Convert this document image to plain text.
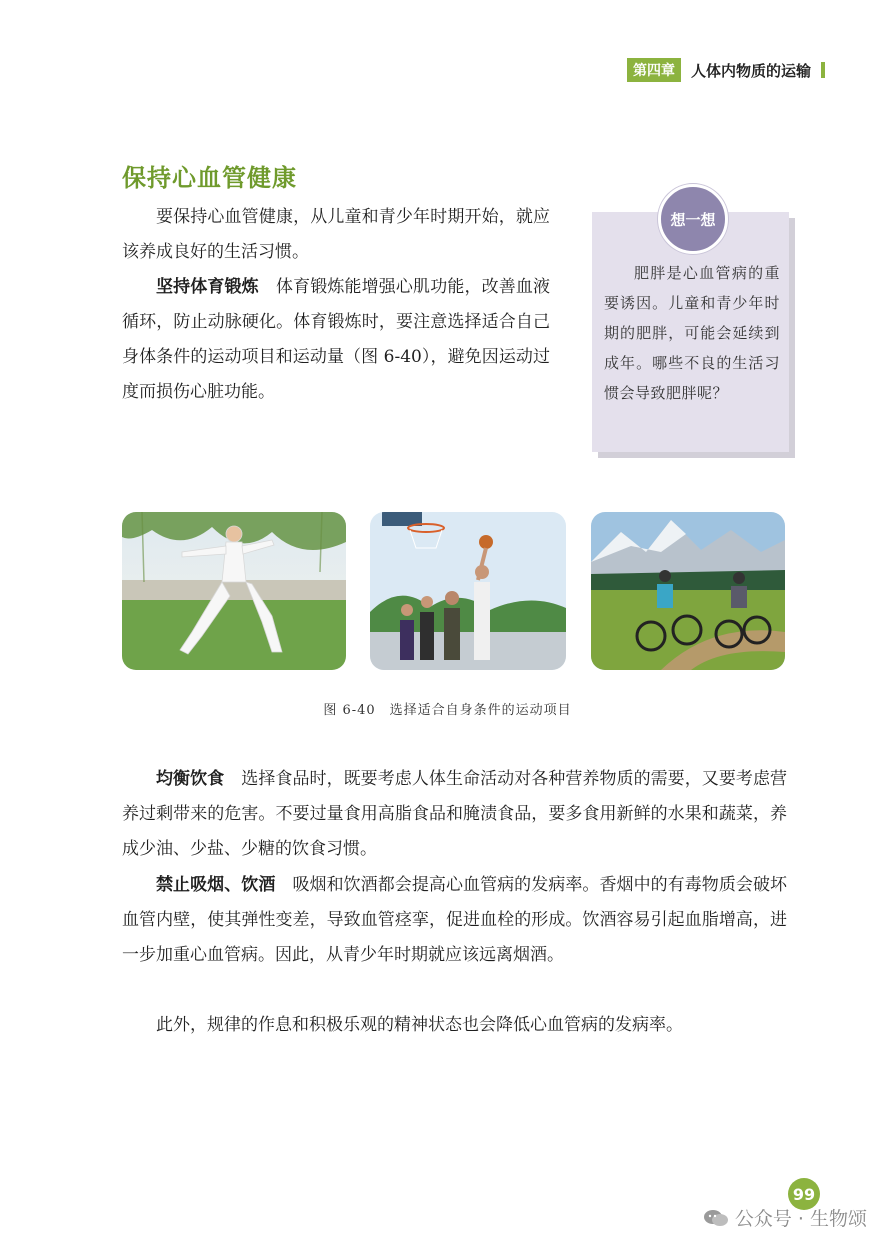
第四章	人体内物质的运输
保持心血管健康
要保持心血管健康，从儿童和青少年时期开始，就应该养成良好的生活习惯。
坚持体育锻炼　 体育锻炼能增强心肌功能，改善血液循环，防止动脉硬化。体育锻炼时，要注意选择适合自己身体条件的运动项目和运动量（图 6-40），避免因运动过度而损伤心脏功能。
想一想
肥胖是心血管病的重要诱因。儿童和青少年时期的肥胖，可能会延续到成年。哪些不良的生活习惯会导致肥胖呢？
图 6-40　选择适合自身条件的运动项目
均衡饮食　 选择食品时，既要考虑人体生命活动对各种营养物质的需要，又要考虑营养过剩带来的危害。不要过量食用高脂食品和腌渍食品，要多食用新鲜的水果和蔬菜，养成少油、少盐、少糖的饮食习惯。
禁止吸烟、饮酒　 吸烟和饮酒都会提高心血管病的发病率。香烟中的有毒物质会破坏血管内壁，使其弹性变差，导致血管痉挛，促进血栓的形成。饮酒容易引起血脂增高，进一步加重心血管病。因此，从青少年时期就应该远离烟酒。
此外，规律的作息和积极乐观的精神状态也会降低心血管病的发病率。
99
公众号 · 生物颂
